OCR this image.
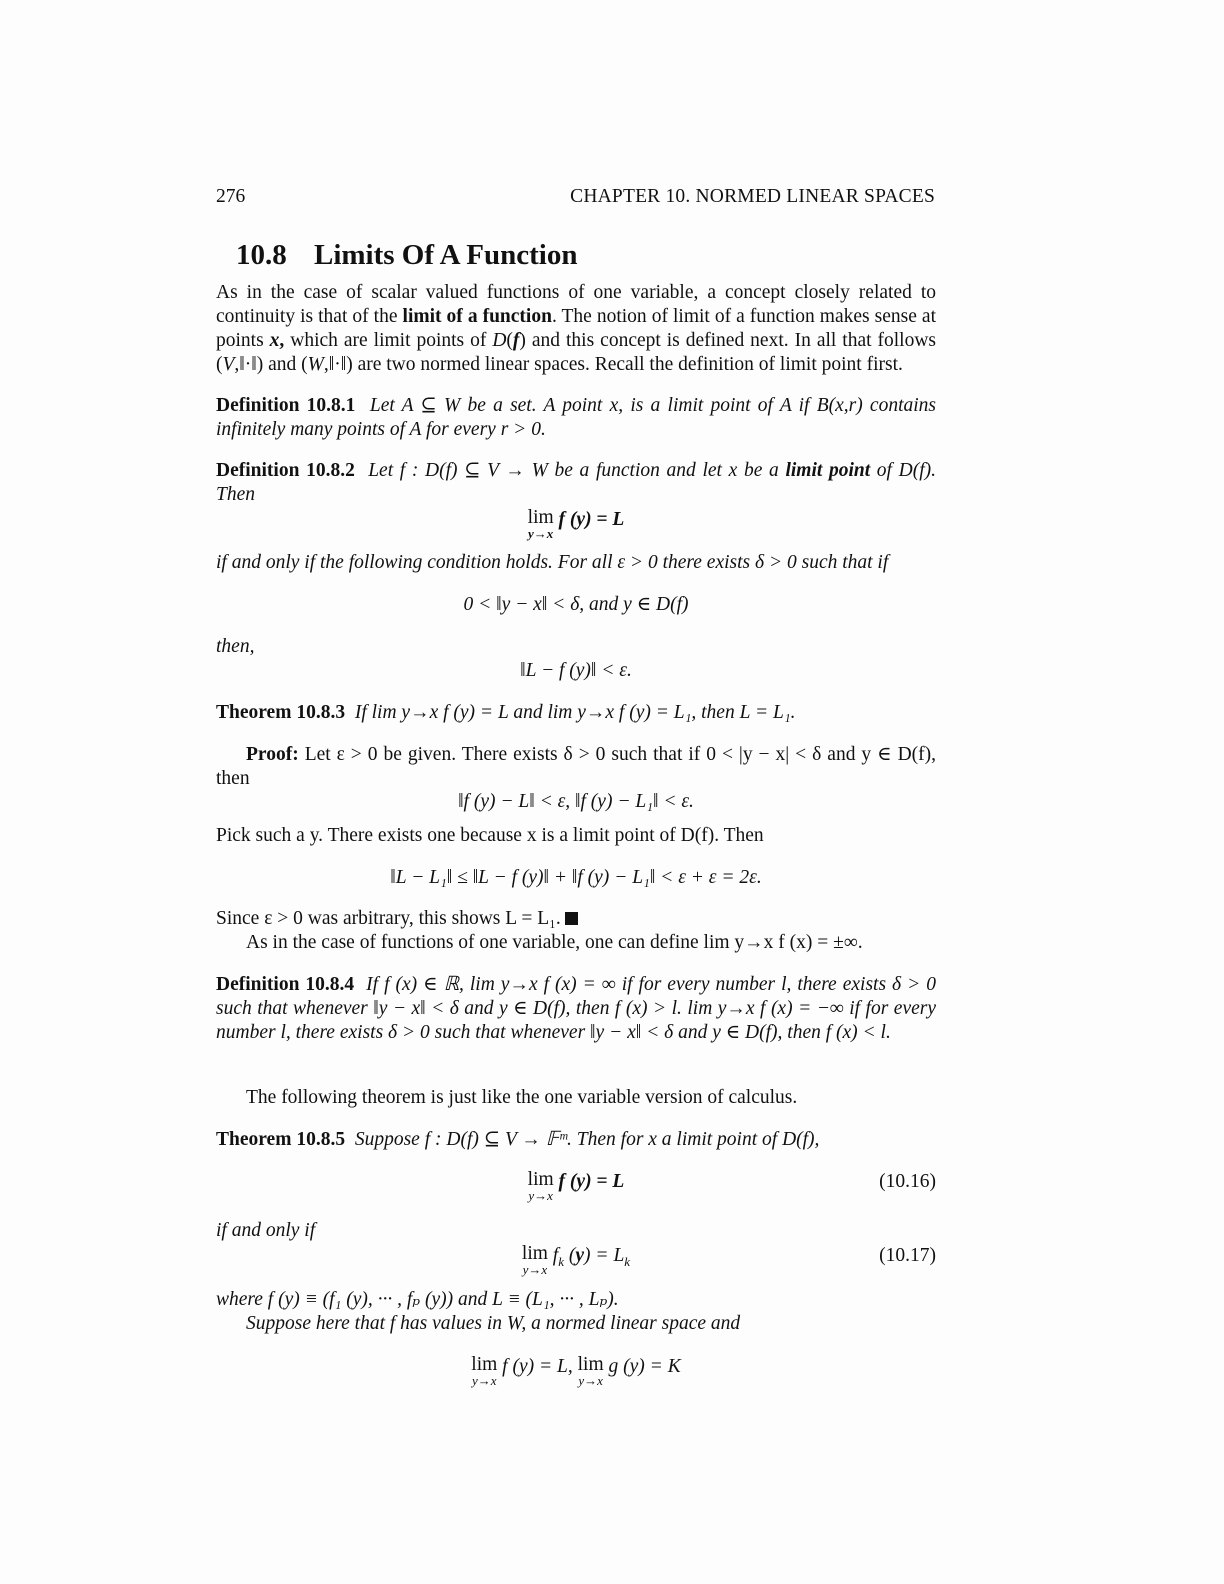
276	CHAPTER 10. NORMED LINEAR SPACES
10.8 Limits Of A Function
As in the case of scalar valued functions of one variable, a concept closely related to continuity is that of the limit of a function. The notion of limit of a function makes sense at points x, which are limit points of D(f) and this concept is defined next. In all that follows (V,‖·‖) and (W,‖·‖) are two normed linear spaces. Recall the definition of limit point first.
Definition 10.8.1 Let A ⊆ W be a set. A point x, is a limit point of A if B(x,r) contains infinitely many points of A for every r > 0.
Definition 10.8.2 Let f : D(f) ⊆ V → W be a function and let x be a limit point of D(f). Then
lim
y→x
f (y) = L
if and only if the following condition holds. For all ε > 0 there exists δ > 0 such that if
0 < ‖y − x‖ < δ, and y ∈ D(f)
then,
‖L − f (y)‖ < ε.
Theorem 10.8.3 If lim y→x f (y) = L and lim y→x f (y) = L₁, then L = L₁.
Proof: Let ε > 0 be given. There exists δ > 0 such that if 0 < |y − x| < δ and y ∈ D(f), then
‖f (y) − L‖ < ε, ‖f (y) − L₁‖ < ε.
Pick such a y. There exists one because x is a limit point of D(f). Then
‖L − L₁‖ ≤ ‖L − f (y)‖ + ‖f (y) − L₁‖ < ε + ε = 2ε.
Since ε > 0 was arbitrary, this shows L = L₁.
As in the case of functions of one variable, one can define lim y→x f (x) = ±∞.
Definition 10.8.4 If f (x) ∈ ℝ, lim y→x f (x) = ∞ if for every number l, there exists δ > 0 such that whenever ‖y − x‖ < δ and y ∈ D(f), then f (x) > l. lim y→x f (x) = −∞ if for every number l, there exists δ > 0 such that whenever ‖y − x‖ < δ and y ∈ D(f), then f (x) < l.
The following theorem is just like the one variable version of calculus.
Theorem 10.8.5 Suppose f : D(f) ⊆ V → 𝔽ᵐ. Then for x a limit point of D(f),
lim
y→x
f (y) = L	(10.16)
if and only if
lim
y→x
$f_k$ $(y) = L_k$	(10.17)
where f (y) ≡ (f₁ (y), ··· , fₚ (y)) and L ≡ (L₁, ··· , Lₚ).
Suppose here that f has values in W, a normed linear space and
lim
y→x
f (y) = L, lim
y→x
g (y) = K
